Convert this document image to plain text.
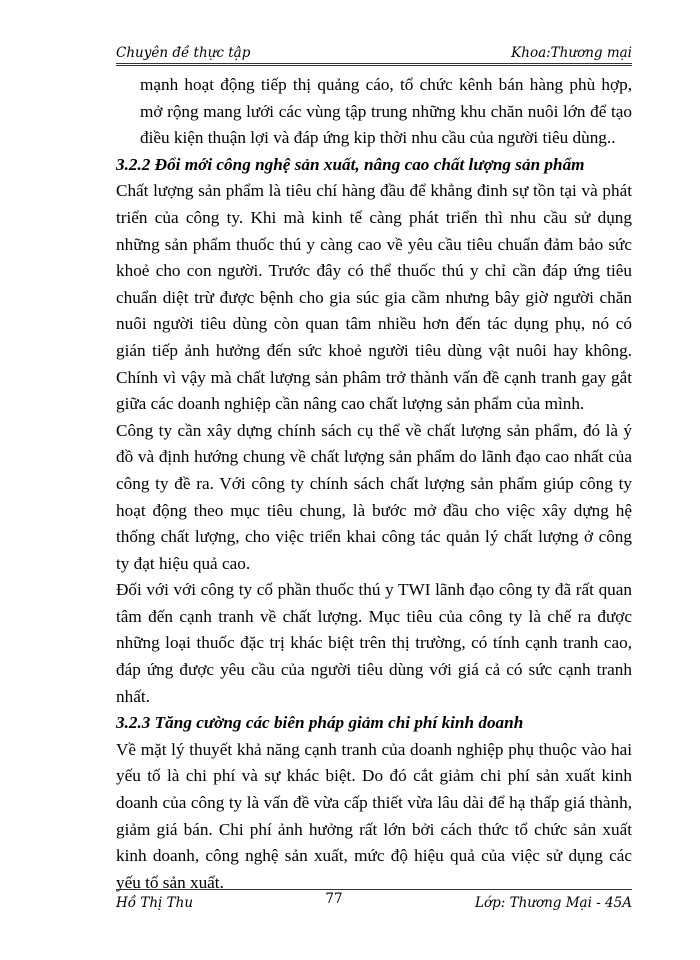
Chuyên đề thực tập	Khoa:Thương mại

mạnh hoạt động tiếp thị quảng cáo, tổ chức kênh bán hàng phù hợp, mở rộng mang lưới các vùng tập trung những khu chăn nuôi lớn để tạo điều kiện thuận lợi và đáp ứng kip thời nhu cầu của người tiêu dùng..

3.2.2 Đổi mới công nghệ sản xuất, nâng cao chất lượng sản phẩm

Chất lượng sản phẩm là tiêu chí hàng đầu để khẳng đinh sự tồn tại và phát triển của công ty. Khi mà kinh tế càng phát triển thì nhu cầu sử dụng những sản phẩm thuốc thú y càng cao về yêu cầu tiêu chuẩn đảm bảo sức khoẻ cho con người. Trước đây có thể thuốc thú y chỉ cần đáp ứng tiêu chuẩn diệt trừ được bệnh cho gia súc gia cầm nhưng bây giờ người chăn nuôi người tiêu dùng còn quan tâm nhiều hơn đến tác dụng phụ, nó có gián tiếp ảnh hưởng đến sức khoẻ người tiêu dùng vật nuôi hay không. Chính vì vậy mà chất lượng sản phâm trở thành vấn đề cạnh tranh gay gắt giữa các doanh nghiệp cần nâng cao chất lượng sản phẩm của mình.

Công ty cần xây dựng chính sách cụ thể về chất lượng sản phẩm, đó là ý đồ và định hướng chung về chất lượng sản phẩm do lãnh đạo cao nhất của công ty đề ra. Với công ty chính sách chất lượng sản phẩm giúp công ty hoạt động theo mục tiêu chung, là bước mở đầu cho việc xây dựng hệ thống chất lượng, cho việc triển khai công tác quản lý chất lượng ở công ty đạt hiệu quả cao.

Đối với với công ty cổ phần thuốc thú y TWI lãnh đạo công ty đã rất quan tâm đến cạnh tranh về chất lượng. Mục tiêu của công ty là chế ra được những loại thuốc đặc trị khác biệt trên thị trường, có tính cạnh tranh cao, đáp ứng được yêu cầu của người tiêu dùng với giá cả có sức cạnh tranh nhất.

3.2.3 Tăng cường các biên pháp giảm chi phí kinh doanh

Về mặt lý thuyết khả năng cạnh tranh của doanh nghiệp phụ thuộc vào hai yếu tố là chi phí và sự khác biệt. Do đó cắt giảm chi phí sản xuất kinh doanh của công ty là vấn đề vừa cấp thiết vừa lâu dài để hạ thấp giá thành, giảm giá bán. Chi phí ảnh hưởng rất lớn bởi cách thức tổ chức sản xuất kinh doanh, công nghệ sản xuất, mức độ hiệu quả của việc sử dụng các yếu tố sản xuất.

Hồ Thị Thu	77	Lớp: Thương Mại - 45A
